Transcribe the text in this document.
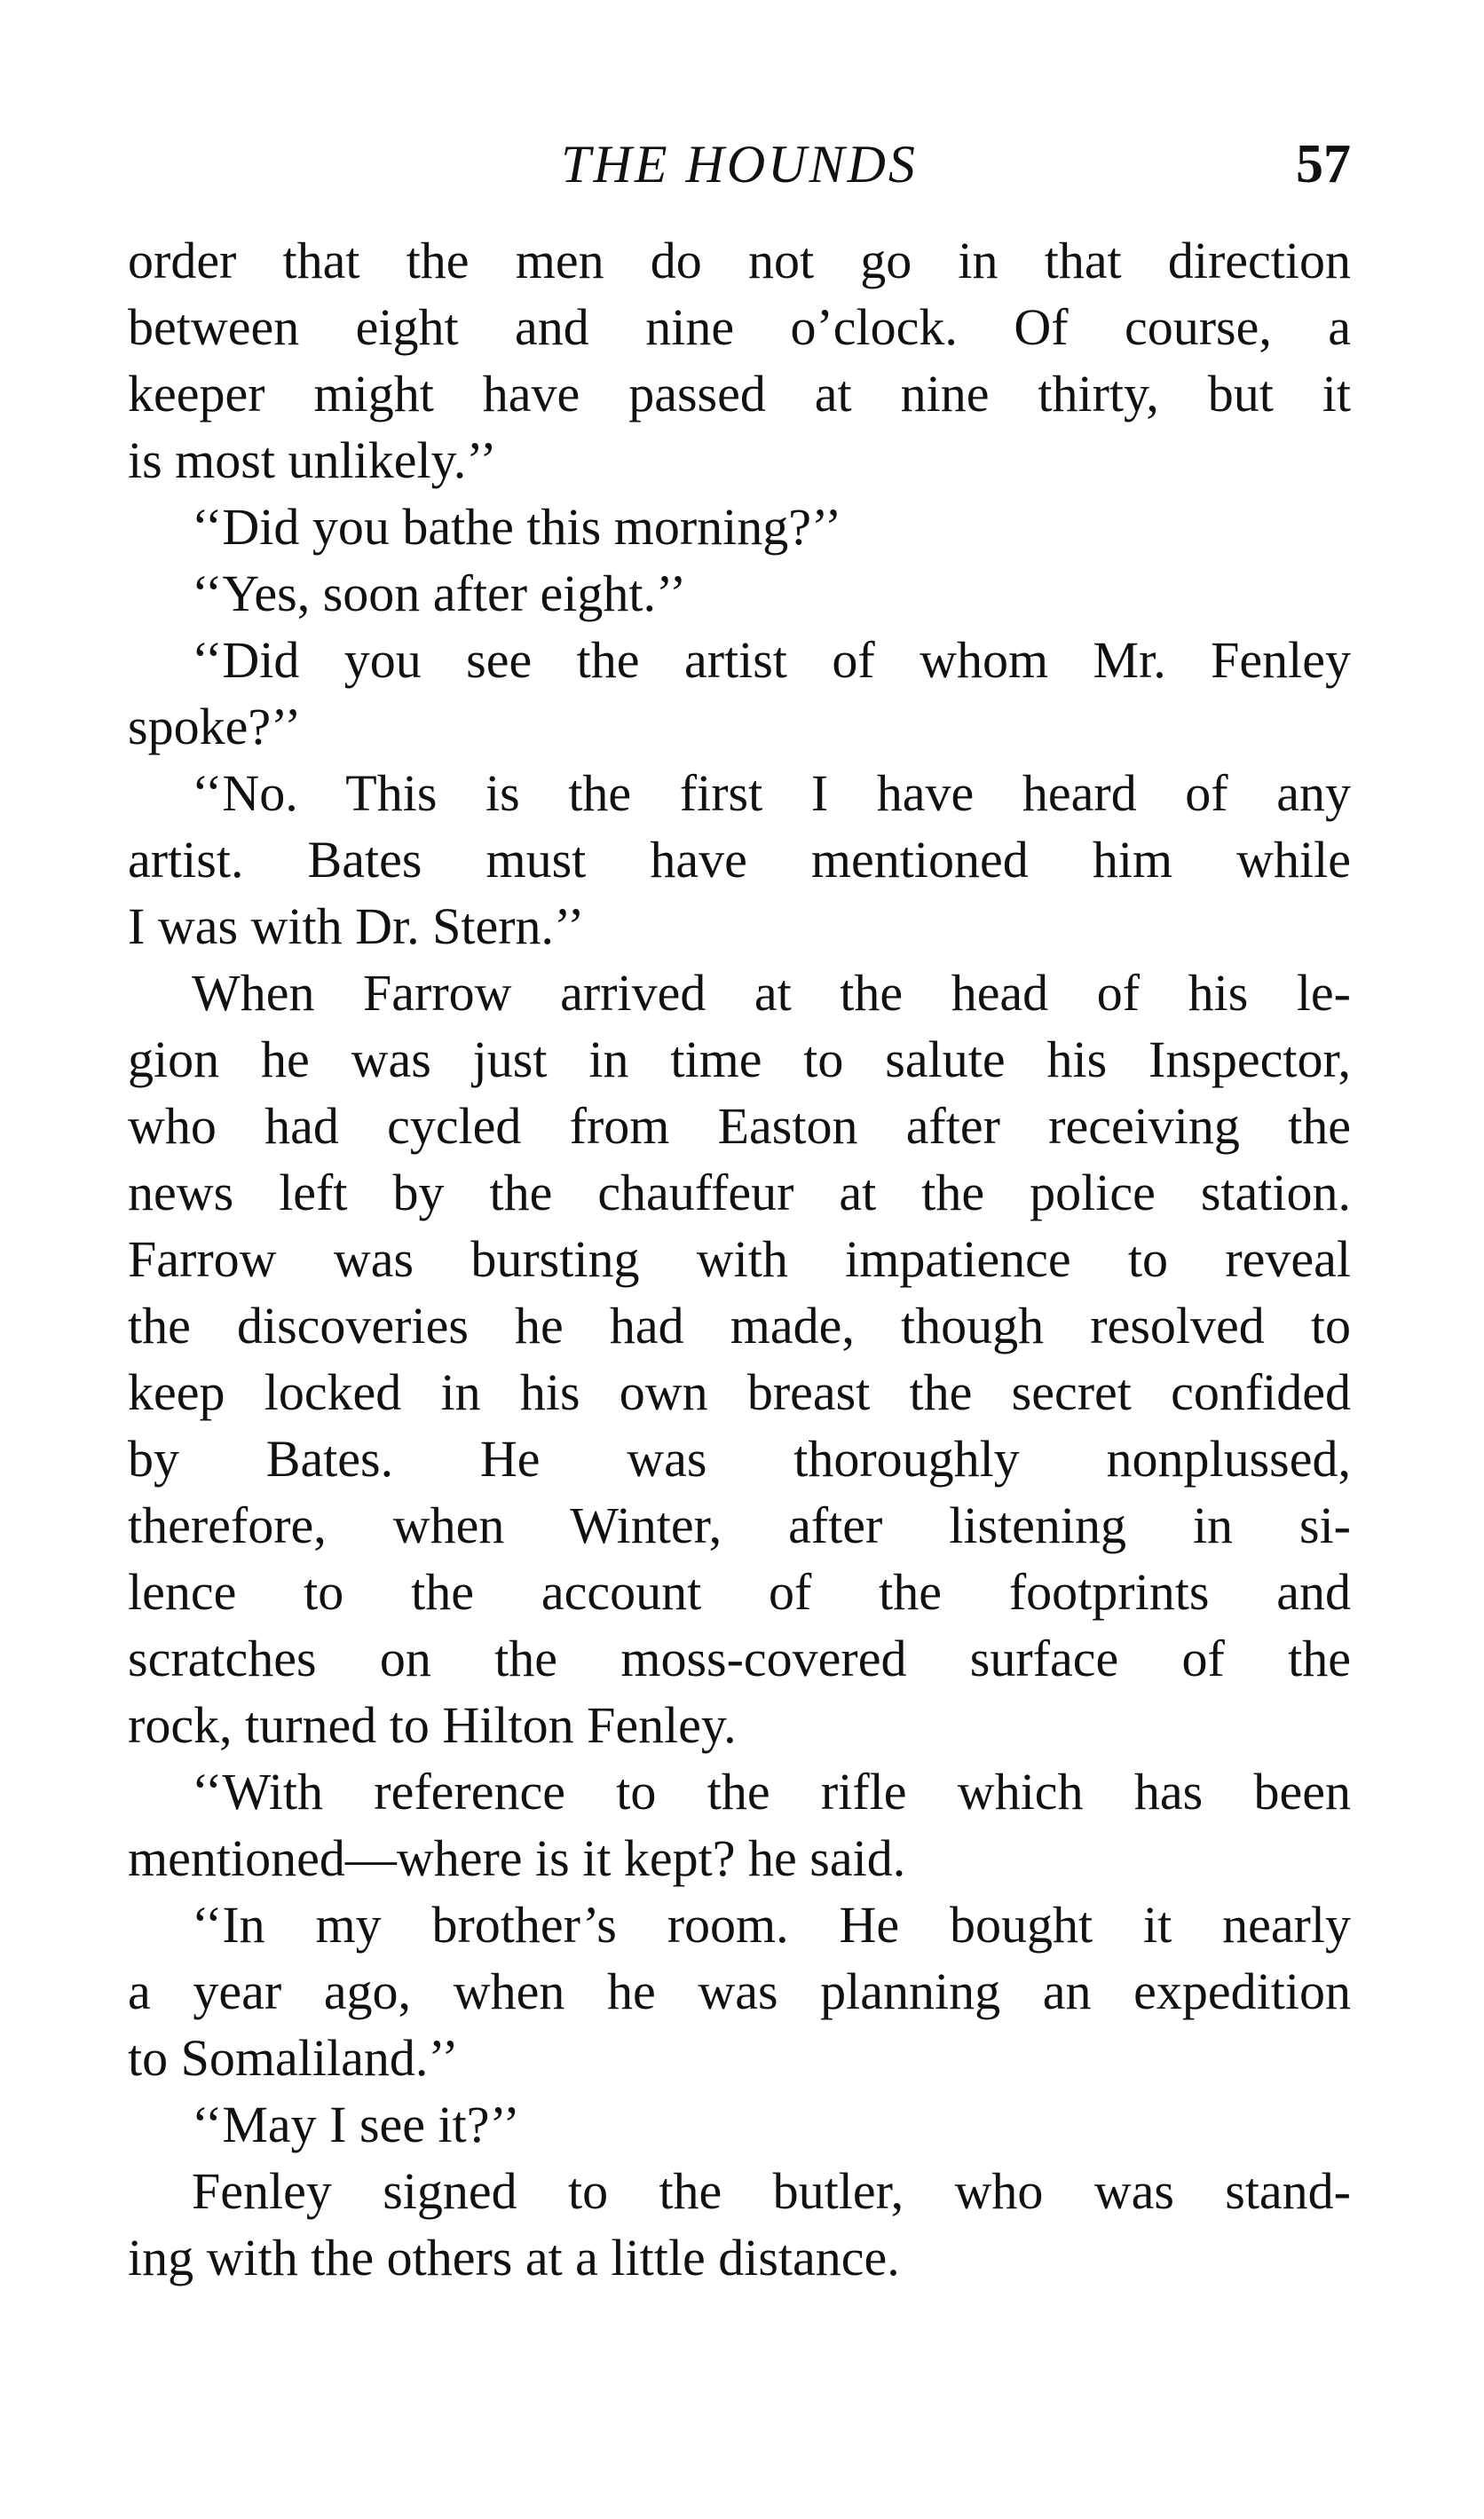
THE HOUNDS	57
order that the men do not go in that direction
between eight and nine o’clock. Of course, a
keeper might have passed at nine thirty, but it
is most unlikely.’’
‘‘Did you bathe this morning?’’
‘‘Yes, soon after eight.’’
‘‘Did you see the artist of whom Mr. Fenley
spoke?’’
‘‘No. This is the first I have heard of any
artist. Bates must have mentioned him while
I was with Dr. Stern.’’
When Farrow arrived at the head of his le-
gion he was just in time to salute his Inspector,
who had cycled from Easton after receiving the
news left by the chauffeur at the police station.
Farrow was bursting with impatience to reveal
the discoveries he had made, though resolved to
keep locked in his own breast the secret confided
by Bates. He was thoroughly nonplussed,
therefore, when Winter, after listening in si-
lence to the account of the footprints and
scratches on the moss-covered surface of the
rock, turned to Hilton Fenley.
‘‘With reference to the rifle which has been
mentioned—where is it kept? he said.
‘‘In my brother’s room. He bought it nearly
a year ago, when he was planning an expedition
to Somaliland.’’
‘‘May I see it?’’
Fenley signed to the butler, who was stand-
ing with the others at a little distance.
